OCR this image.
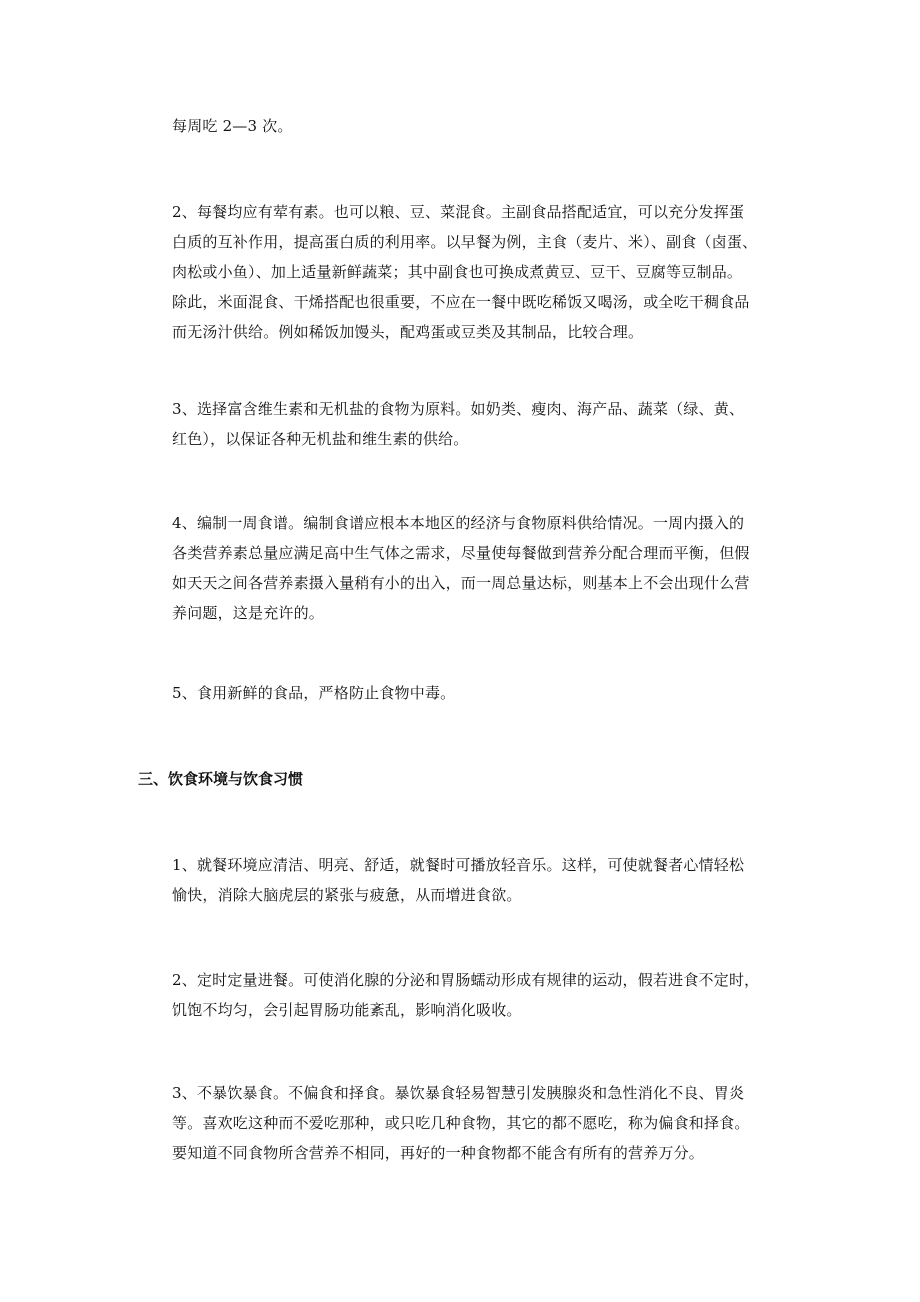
每周吃 2—3 次。
2、每餐均应有荤有素。也可以粮、豆、菜混食。主副食品搭配适宜，可以充分发挥蛋
白质的互补作用，提高蛋白质的利用率。以早餐为例，主食（麦片、米）、副食（卤蛋、
肉松或小鱼）、加上适量新鲜蔬菜；其中副食也可换成煮黄豆、豆干、豆腐等豆制品。
除此，米面混食、干烯搭配也很重要，不应在一餐中既吃稀饭又喝汤，或全吃干稠食品
而无汤汁供给。例如稀饭加馒头，配鸡蛋或豆类及其制品，比较合理。
3、选择富含维生素和无机盐的食物为原料。如奶类、瘦肉、海产品、蔬菜（绿、黄、
红色），以保证各种无机盐和维生素的供给。
4、编制一周食谱。编制食谱应根本本地区的经济与食物原料供给情况。一周内摄入的
各类营养素总量应满足高中生气体之需求，尽量使每餐做到营养分配合理而平衡，但假
如天天之间各营养素摄入量稍有小的出入，而一周总量达标，则基本上不会出现什么营
养问题，这是充许的。
5、食用新鲜的食品，严格防止食物中毒。
三、饮食环境与饮食习惯
1、就餐环境应清洁、明亮、舒适，就餐时可播放轻音乐。这样，可使就餐者心情轻松
愉快，消除大脑虎层的紧张与疲惫，从而增进食欲。
2、定时定量进餐。可使消化腺的分泌和胃肠蠕动形成有规律的运动，假若进食不定时，
饥饱不均匀，会引起胃肠功能紊乱，影响消化吸收。
3、不暴饮暴食。不偏食和择食。暴饮暴食轻易智慧引发胰腺炎和急性消化不良、胃炎
等。喜欢吃这种而不爱吃那种，或只吃几种食物，其它的都不愿吃，称为偏食和择食。
要知道不同食物所含营养不相同，再好的一种食物都不能含有所有的营养万分。
